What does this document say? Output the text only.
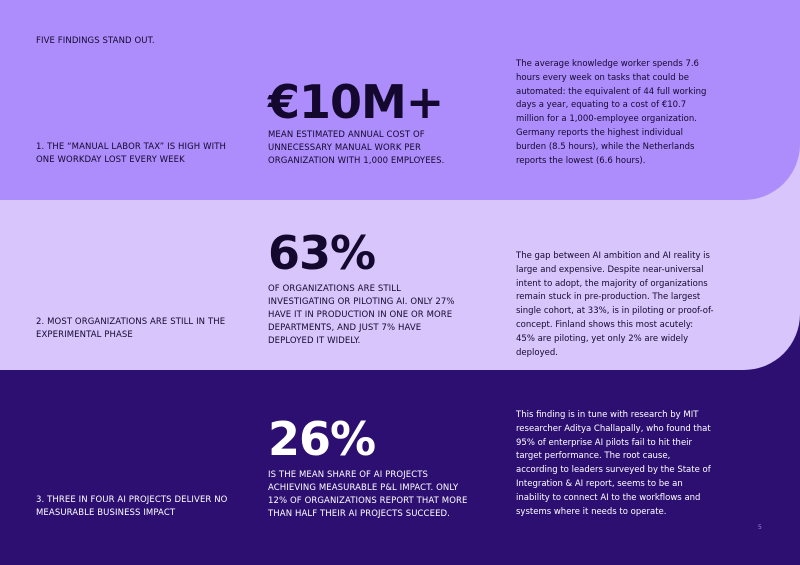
FIVE FINDINGS STAND OUT.
1. THE “MANUAL LABOR TAX” IS HIGH WITH ONE WORKDAY LOST EVERY WEEK
€10M+
MEAN ESTIMATED ANNUAL COST OF UNNECESSARY MANUAL WORK PER ORGANIZATION WITH 1,000 EMPLOYEES.
The average knowledge worker spends 7.6 hours every week on tasks that could be automated: the equivalent of 44 full working days a year, equating to a cost of €10.7 million for a 1,000-employee organization. Germany reports the highest individual burden (8.5 hours), while the Netherlands reports the lowest (6.6 hours).
2. MOST ORGANIZATIONS ARE STILL IN THE EXPERIMENTAL PHASE
63%
OF ORGANIZATIONS ARE STILL INVESTIGATING OR PILOTING AI. ONLY 27% HAVE IT IN PRODUCTION IN ONE OR MORE DEPARTMENTS, AND JUST 7% HAVE DEPLOYED IT WIDELY.
The gap between AI ambition and AI reality is large and expensive. Despite near-universal intent to adopt, the majority of organizations remain stuck in pre-production. The largest single cohort, at 33%, is in piloting or proof-of-concept. Finland shows this most acutely: 45% are piloting, yet only 2% are widely deployed.
3. THREE IN FOUR AI PROJECTS DELIVER NO MEASURABLE BUSINESS IMPACT
26%
IS THE MEAN SHARE OF AI PROJECTS ACHIEVING MEASURABLE P&L IMPACT. ONLY 12% OF ORGANIZATIONS REPORT THAT MORE THAN HALF THEIR AI PROJECTS SUCCEED.
This finding is in tune with research by MIT researcher Aditya Challapally, who found that 95% of enterprise AI pilots fail to hit their target performance. The root cause, according to leaders surveyed by the State of Integration & AI report, seems to be an inability to connect AI to the workflows and systems where it needs to operate.
5
